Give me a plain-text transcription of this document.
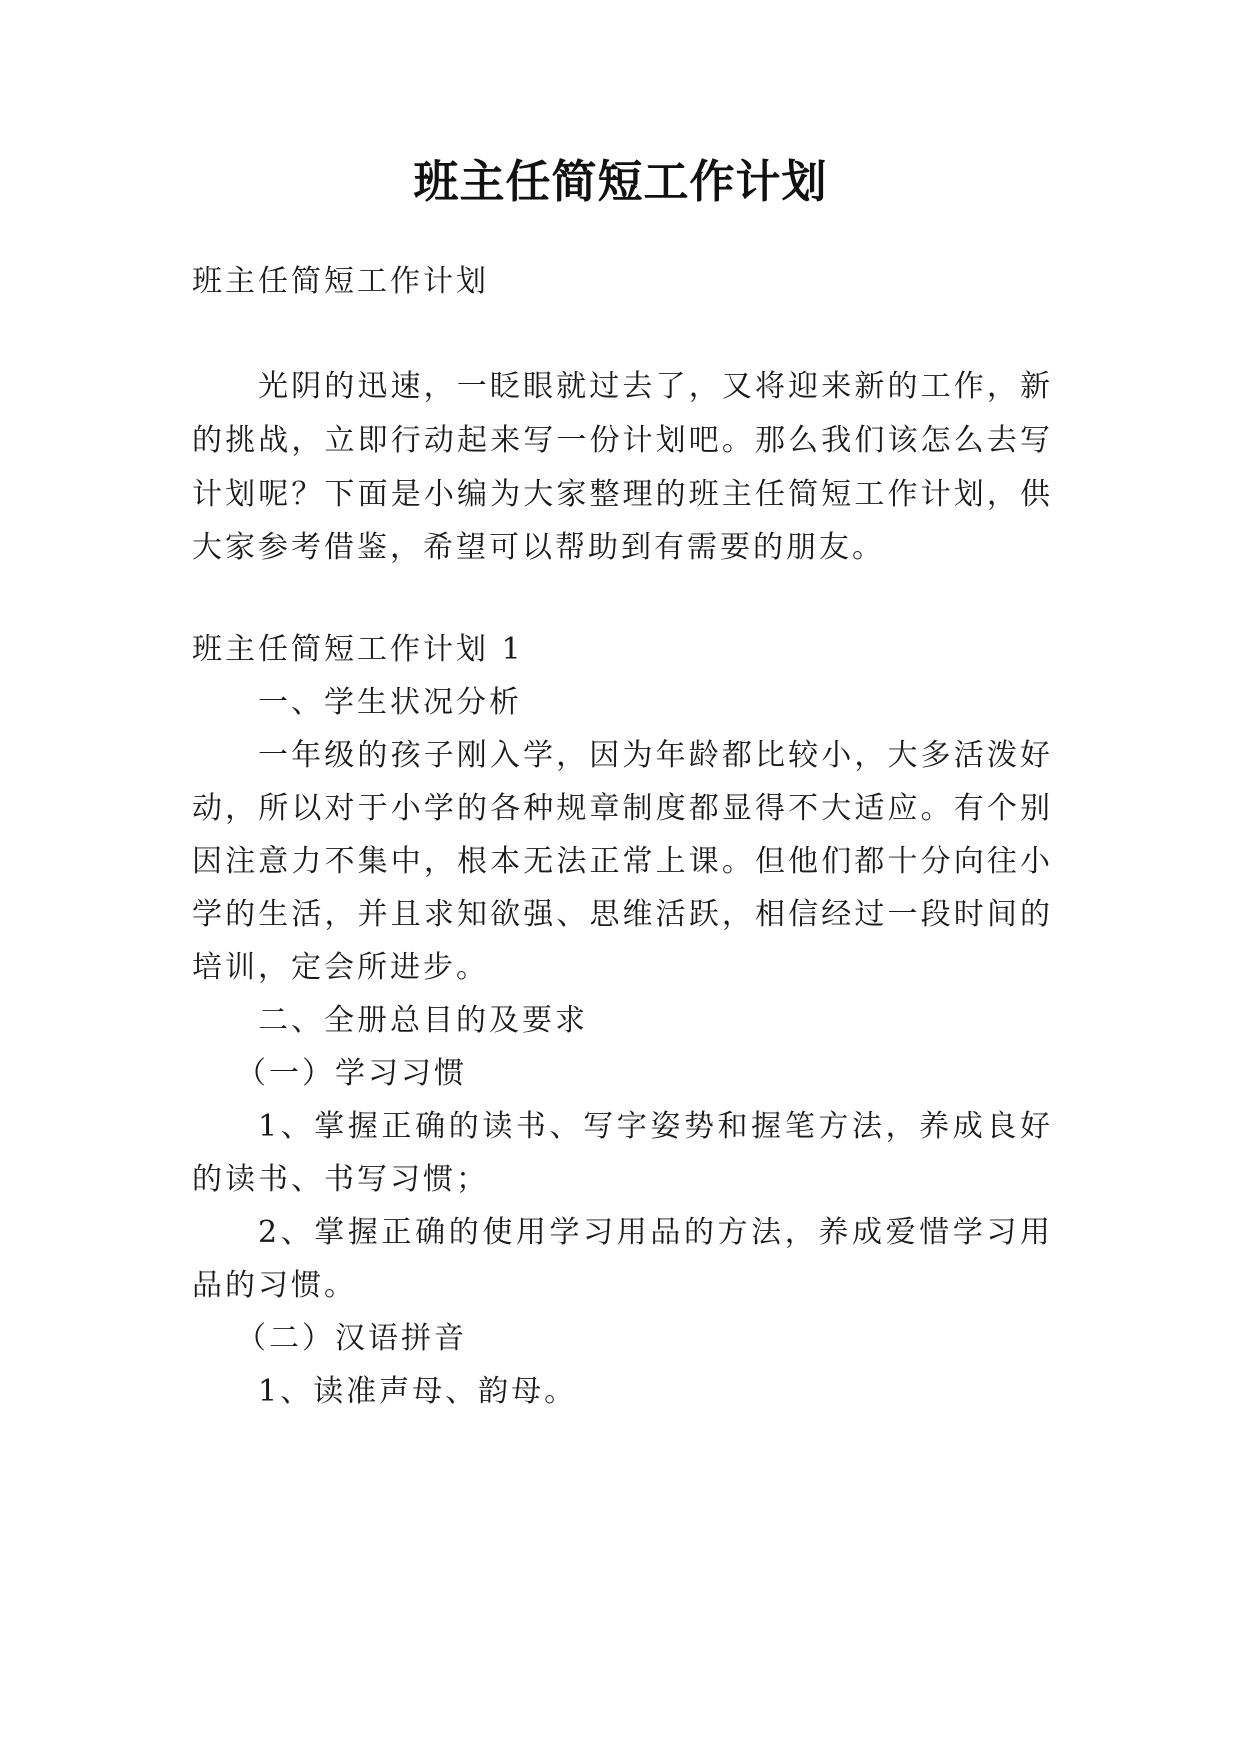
班主任简短工作计划
班主任简短工作计划
光阴的迅速，一眨眼就过去了，又将迎来新的工作，新
的挑战，立即行动起来写一份计划吧。那么我们该怎么去写
计划呢？下面是小编为大家整理的班主任简短工作计划，供
大家参考借鉴，希望可以帮助到有需要的朋友。
班主任简短工作计划 1
一、学生状况分析
一年级的孩子刚入学，因为年龄都比较小，大多活泼好
动，所以对于小学的各种规章制度都显得不大适应。有个别
因注意力不集中，根本无法正常上课。但他们都十分向往小
学的生活，并且求知欲强、思维活跃，相信经过一段时间的
培训，定会所进步。
二、全册总目的及要求
（一）学习习惯
1、掌握正确的读书、写字姿势和握笔方法，养成良好
的读书、书写习惯；
2、掌握正确的使用学习用品的方法，养成爱惜学习用
品的习惯。
（二）汉语拼音
1、读准声母、韵母。
